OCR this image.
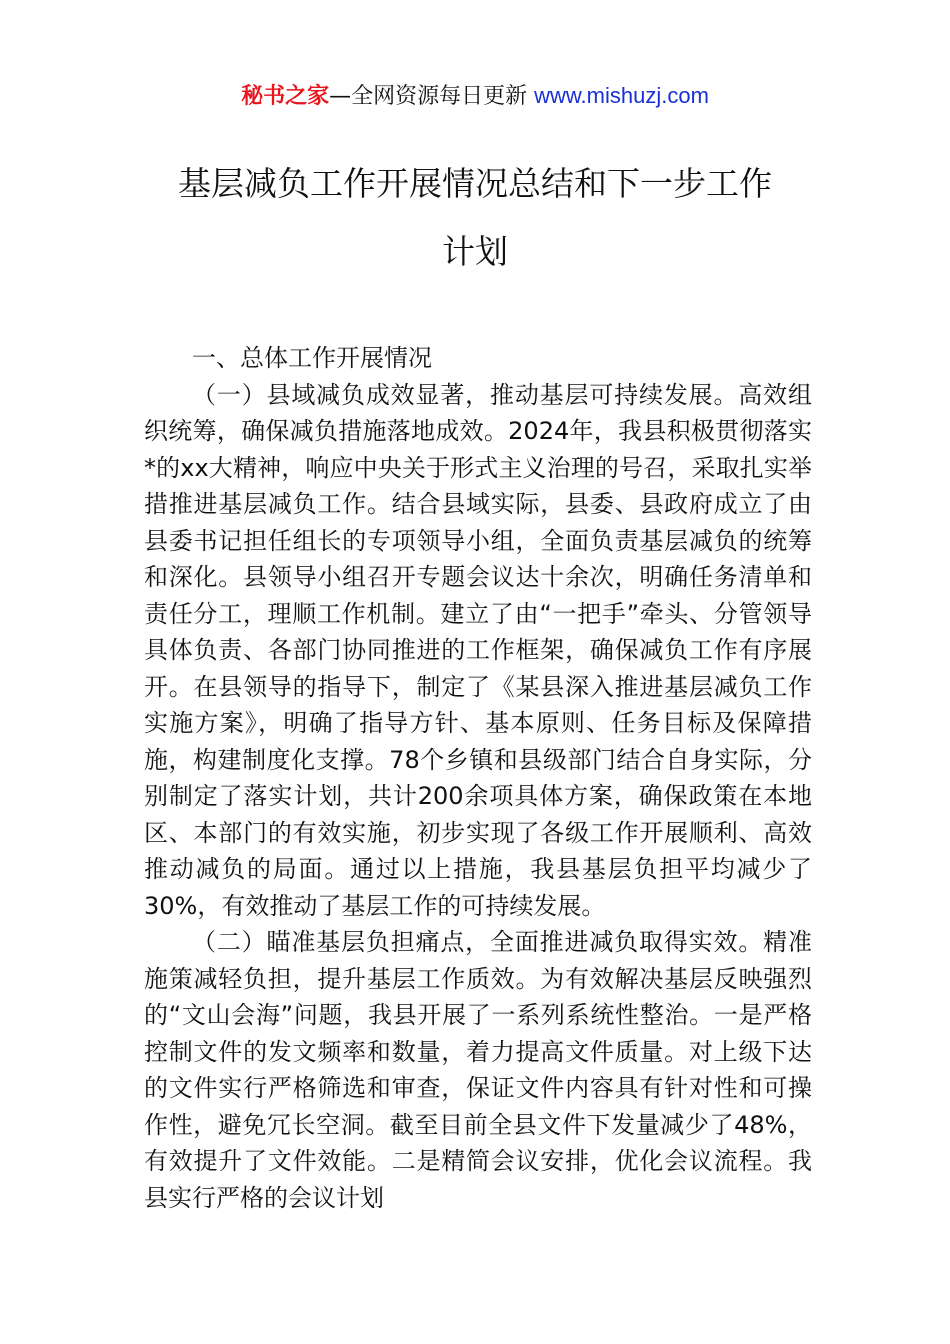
秘书之家—全网资源每日更新 www.mishuzj.com
基层减负工作开展情况总结和下一步工作
计划

一、总体工作开展情况

（一）县域减负成效显著，推动基层可持续发展。高效组织统筹，确保减负措施落地成效。2024年，我县积极贯彻落实*的xx大精神，响应中央关于形式主义治理的号召，采取扎实举措推进基层减负工作。结合县域实际，县委、县政府成立了由县委书记担任组长的专项领导小组，全面负责基层减负的统筹和深化。县领导小组召开专题会议达十余次，明确任务清单和责任分工，理顺工作机制。建立了由“一把手”牵头、分管领导具体负责、各部门协同推进的工作框架，确保减负工作有序展开。在县领导的指导下，制定了《某县深入推进基层减负工作实施方案》，明确了指导方针、基本原则、任务目标及保障措施，构建制度化支撑。78个乡镇和县级部门结合自身实际，分别制定了落实计划，共计200余项具体方案，确保政策在本地区、本部门的有效实施，初步实现了各级工作开展顺利、高效推动减负的局面。通过以上措施，我县基层负担平均减少了30%，有效推动了基层工作的可持续发展。

（二）瞄准基层负担痛点，全面推进减负取得实效。精准施策减轻负担，提升基层工作质效。为有效解决基层反映强烈的“文山会海”问题，我县开展了一系列系统性整治。一是严格控制文件的发文频率和数量，着力提高文件质量。对上级下达的文件实行严格筛选和审查，保证文件内容具有针对性和可操作性，避免冗长空洞。截至目前全县文件下发量减少了48%，有效提升了文件效能。二是精简会议安排，优化会议流程。我县实行严格的会议计划
